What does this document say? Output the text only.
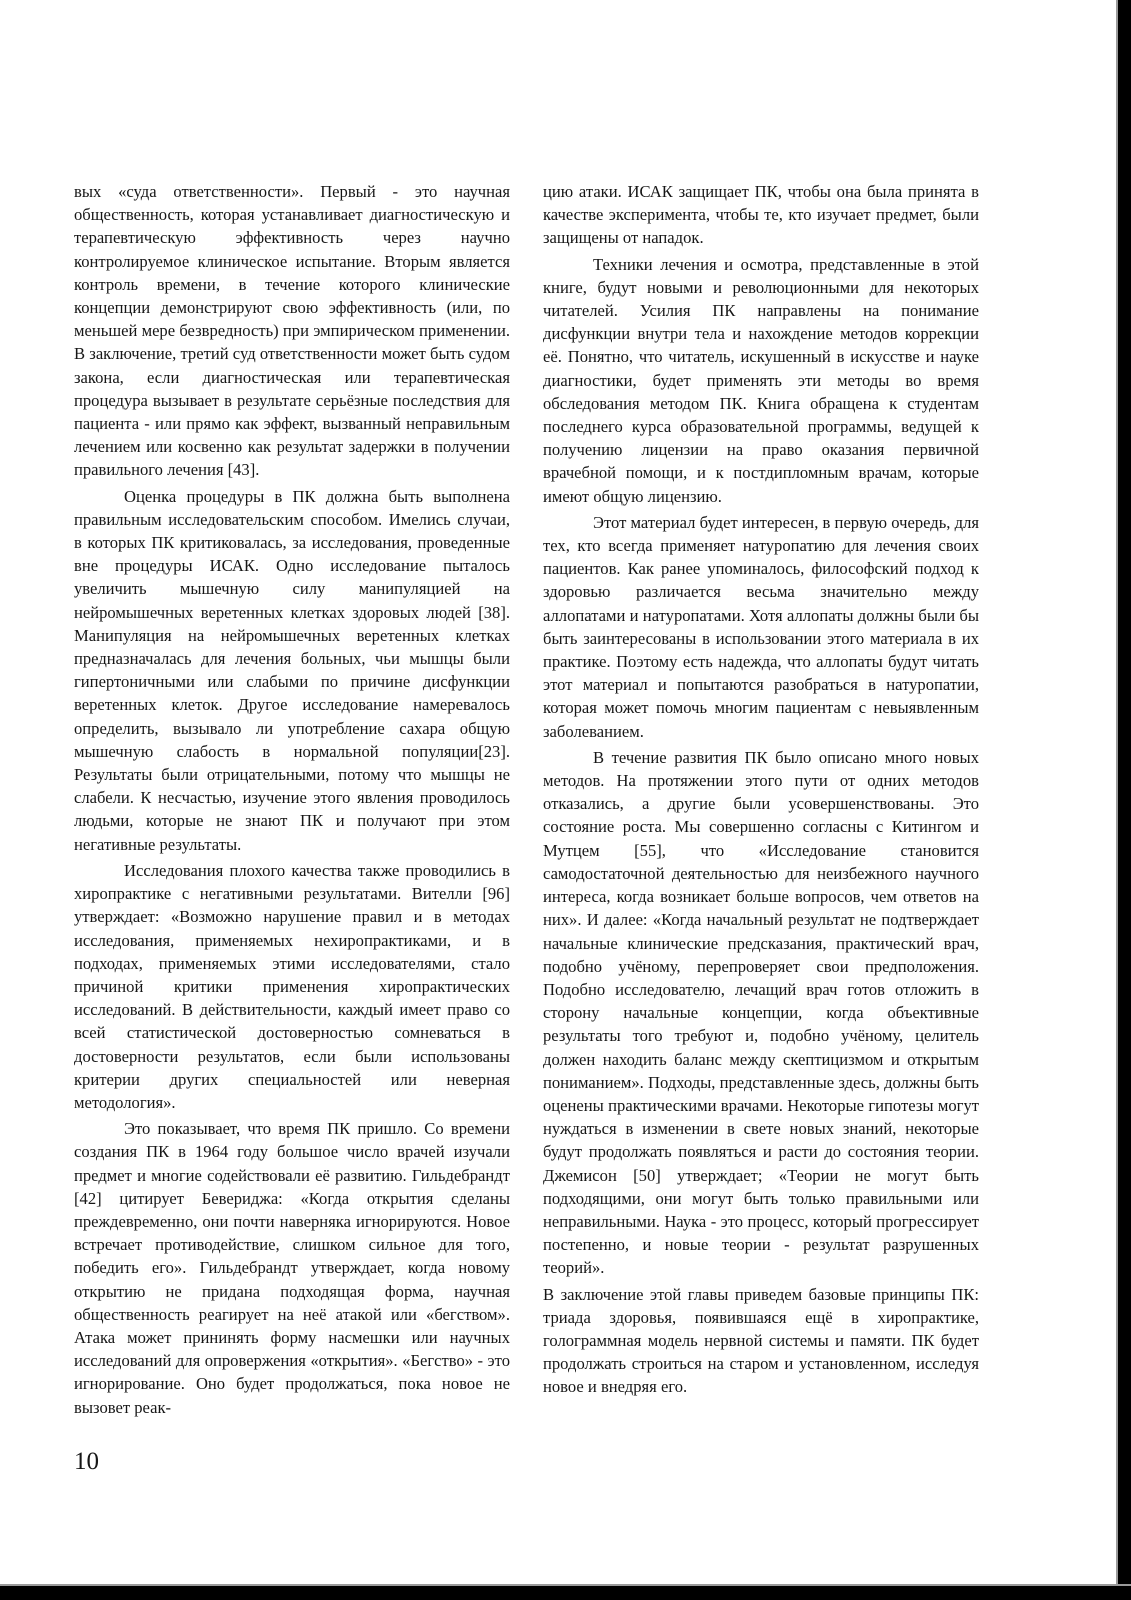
вых «суда ответственности». Первый - это научная общественность, которая устанавливает диагностическую и терапевтическую эффективность через научно контролируемое клиническое испытание. Вторым является контроль времени, в течение которого клинические концепции демонстрируют свою эффективность (или, по меньшей мере безвредность) при эмпирическом применении. В заключение, третий суд ответственности может быть судом закона, если диагностическая или терапевтическая процедура вызывает в результате серьёзные последствия для пациента - или прямо как эффект, вызванный неправильным лечением или косвенно как результат задержки в получении правильного лечения [43].

Оценка процедуры в ПК должна быть выполнена правильным исследовательским способом. Имелись случаи, в которых ПК критиковалась, за исследования, проведенные вне процедуры ИСАК. Одно исследование пыталось увеличить мышечную силу манипуляцией на нейромышечных веретенных клетках здоровых людей [38]. Манипуляция на нейромышечных веретенных клетках предназначалась для лечения больных, чьи мышцы были гипертоничными или слабыми по причине дисфункции веретенных клеток. Другое исследование намеревалось определить, вызывало ли употребление сахара общую мышечную слабость в нормальной популяции[23]. Результаты были отрицательными, потому что мышцы не слабели. К несчастью, изучение этого явления проводилось людьми, которые не знают ПК и получают при этом негативные результаты.

Исследования плохого качества также проводились в хиропрактике с негативными результатами. Вителли [96] утверждает: «Возможно нарушение правил и в методах исследования, применяемых нехиропрактиками, и в подходах, применяемых этими исследователями, стало причиной критики применения хиропрактических исследований. В действительности, каждый имеет право со всей статистической достоверностью сомневаться в достоверности результатов, если были использованы критерии других специальностей или неверная методология».

Это показывает, что время ПК пришло. Со времени создания ПК в 1964 году большое число врачей изучали предмет и многие содействовали её развитию. Гильдебрандт [42] цитирует Бевериджа: «Когда открытия сделаны преждевременно, они почти наверняка игнорируются. Новое встречает противодействие, слишком сильное для того, победить его». Гильдебрандт утверждает, когда новому открытию не придана подходящая форма, научная общественность реагирует на неё атакой или «бегством». Атака может прининять форму насмешки или научных исследований для опровержения «открытия». «Бегство» - это игнорирование. Оно будет продолжаться, пока новое не вызовет реак-

цию атаки. ИСАК защищает ПК, чтобы она была принята в качестве эксперимента, чтобы те, кто изучает предмет, были защищены от нападок.

Техники лечения и осмотра, представленные в этой книге, будут новыми и революционными для некоторых читателей. Усилия ПК направлены на понимание дисфункции внутри тела и нахождение методов коррекции её. Понятно, что читатель, искушенный в искусстве и науке диагностики, будет применять эти методы во время обследования методом ПК. Книга обращена к студентам последнего курса образовательной программы, ведущей к получению лицензии на право оказания первичной врачебной помощи, и к постдипломным врачам, которые имеют общую лицензию.

Этот материал будет интересен, в первую очередь, для тех, кто всегда применяет натуропатию для лечения своих пациентов. Как ранее упоминалось, философский подход к здоровью различается весьма значительно между аллопатами и натуропатами. Хотя аллопаты должны были бы быть заинтересованы в использовании этого материала в их практике. Поэтому есть надежда, что аллопаты будут читать этот материал и попытаются разобраться в натуропатии, которая может помочь многим пациентам с невыявленным заболеванием.

В течение развития ПК было описано много новых методов. На протяжении этого пути от одних методов отказались, а другие были усовершенствованы. Это состояние роста. Мы совершенно согласны с Китингом и Мутцем [55], что «Исследование становится самодостаточной деятельностью для неизбежного научного интереса, когда возникает больше вопросов, чем ответов на них». И далее: «Когда начальный результат не подтверждает начальные клинические предсказания, практический врач, подобно учёному, перепроверяет свои предположения. Подобно исследователю, лечащий врач готов отложить в сторону начальные концепции, когда объективные результаты того требуют и, подобно учёному, целитель должен находить баланс между скептицизмом и открытым пониманием». Подходы, представленные здесь, должны быть оценены практическими врачами. Некоторые гипотезы могут нуждаться в изменении в свете новых знаний, некоторые будут продолжать появляться и расти до состояния теории. Джемисон [50] утверждает; «Теории не могут быть подходящими, они могут быть только правильными или неправильными. Наука - это процесс, который прогрессирует постепенно, и новые теории - результат разрушенных теорий».

В заключение этой главы приведем базовые принципы ПК: триада здоровья, появившаяся ещё в хиропрактике, голограммная модель нервной системы и памяти. ПК будет продолжать строиться на старом и установленном, исследуя новое и внедряя его.

10
